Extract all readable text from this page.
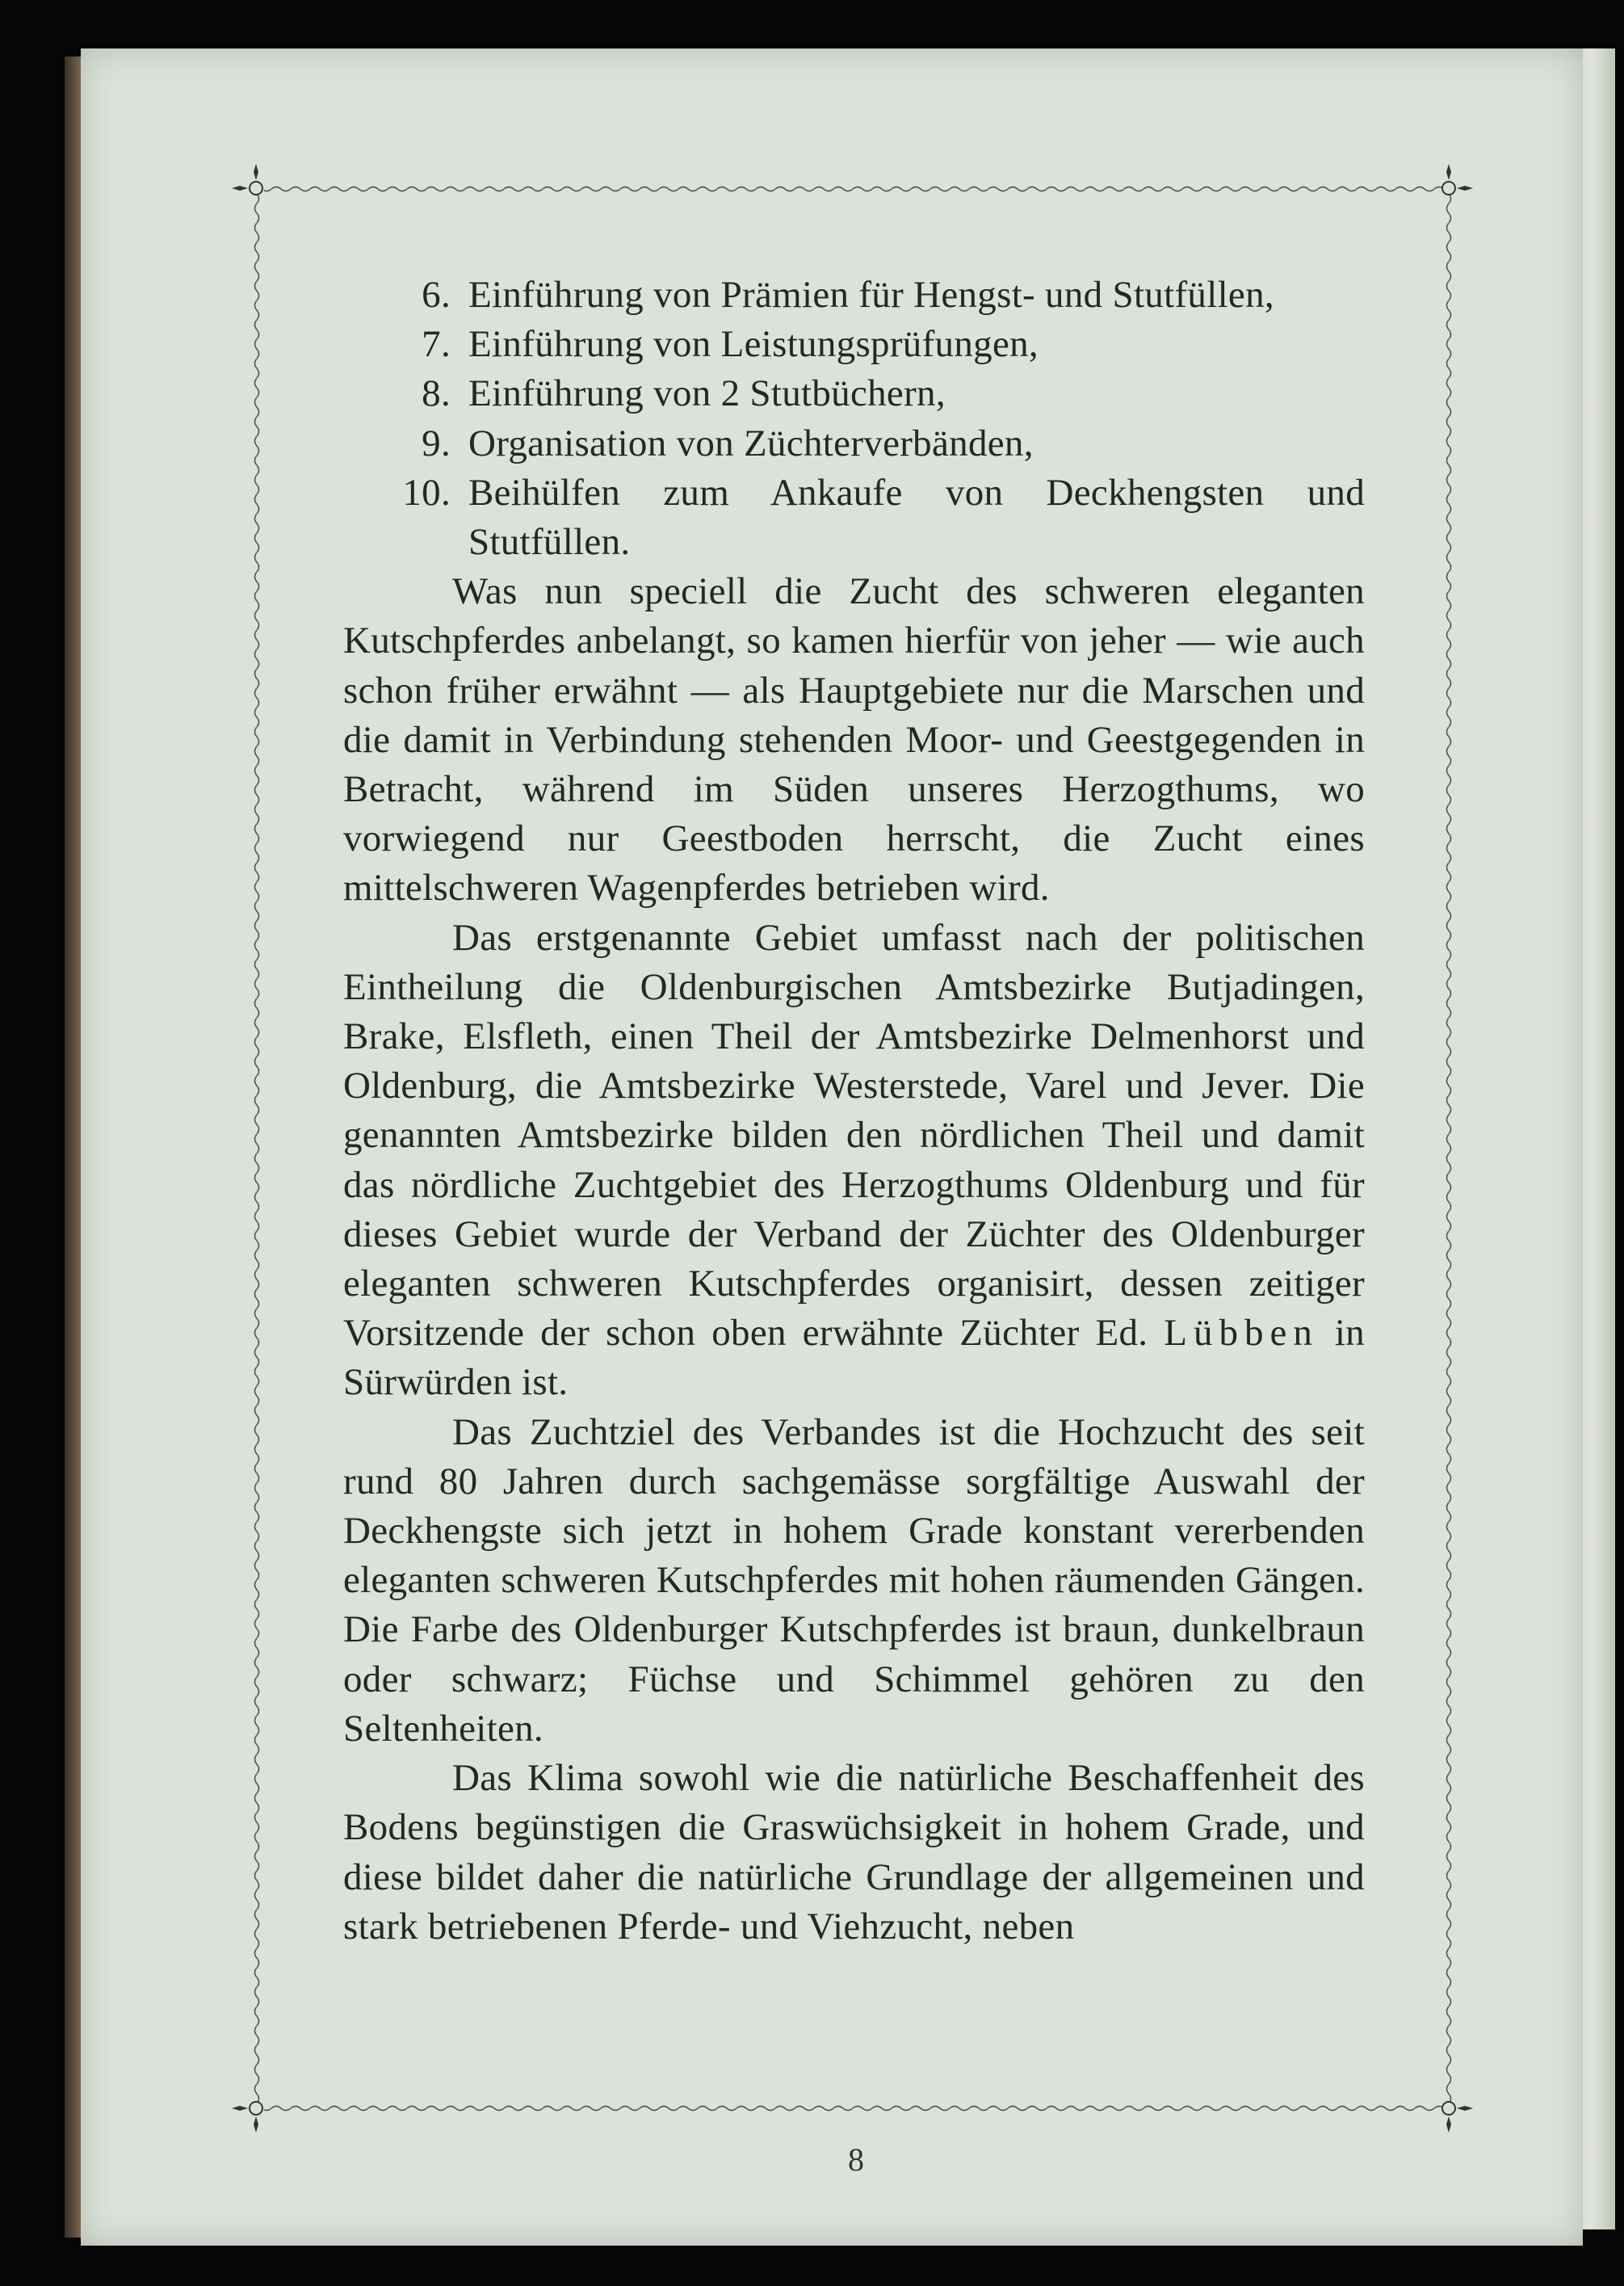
6. Einführung von Prämien für Hengst- und Stutfüllen,
7. Einführung von Leistungsprüfungen,
8. Einführung von 2 Stutbüchern,
9. Organisation von Züchterverbänden,
10. Beihülfen zum Ankaufe von Deckhengsten und Stutfüllen.

Was nun speciell die Zucht des schweren eleganten Kutschpferdes anbelangt, so kamen hierfür von jeher — wie auch schon früher erwähnt — als Hauptgebiete nur die Marschen und die damit in Verbindung stehenden Moor- und Geestgegenden in Betracht, während im Süden unseres Herzogthums, wo vorwiegend nur Geestboden herrscht, die Zucht eines mittelschweren Wagenpferdes betrieben wird.

Das erstgenannte Gebiet umfasst nach der politischen Eintheilung die Oldenburgischen Amtsbezirke Butjadingen, Brake, Elsfleth, einen Theil der Amtsbezirke Delmenhorst und Oldenburg, die Amtsbezirke Westerstede, Varel und Jever. Die genannten Amtsbezirke bilden den nördlichen Theil und damit das nördliche Zuchtgebiet des Herzogthums Oldenburg und für dieses Gebiet wurde der Verband der Züchter des Oldenburger eleganten schweren Kutschpferdes organisirt, dessen zeitiger Vorsitzende der schon oben erwähnte Züchter Ed. Lübben in Sürwürden ist.

Das Zuchtziel des Verbandes ist die Hochzucht des seit rund 80 Jahren durch sachgemässe sorgfältige Auswahl der Deckhengste sich jetzt in hohem Grade konstant vererbenden eleganten schweren Kutschpferdes mit hohen räumenden Gängen. Die Farbe des Oldenburger Kutschpferdes ist braun, dunkelbraun oder schwarz; Füchse und Schimmel gehören zu den Seltenheiten.

Das Klima sowohl wie die natürliche Beschaffenheit des Bodens begünstigen die Graswüchsigkeit in hohem Grade, und diese bildet daher die natürliche Grundlage der allgemeinen und stark betriebenen Pferde- und Viehzucht, neben

8
